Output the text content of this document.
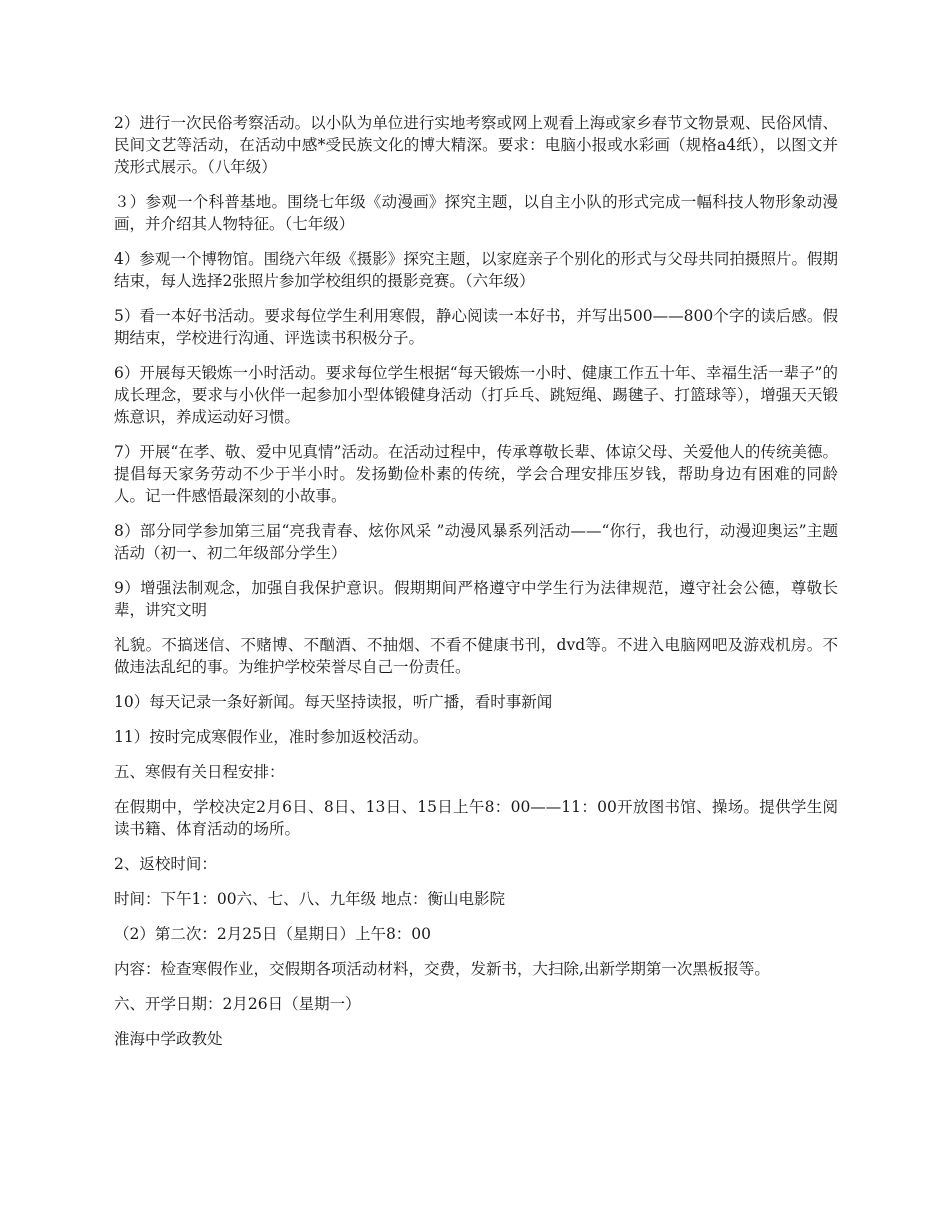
2）进行一次民俗考察活动。以小队为单位进行实地考察或网上观看上海或家乡春节文物景观、民俗风情、民间文艺等活动，在活动中感*受民族文化的博大精深。要求：电脑小报或水彩画（规格a4纸），以图文并茂形式展示。（八年级）

３）参观一个科普基地。围绕七年级《动漫画》探究主题，以自主小队的形式完成一幅科技人物形象动漫画，并介绍其人物特征。（七年级）

4）参观一个博物馆。围绕六年级《摄影》探究主题，以家庭亲子个别化的形式与父母共同拍摄照片。假期结束，每人选择2张照片参加学校组织的摄影竞赛。（六年级）

5）看一本好书活动。要求每位学生利用寒假，静心阅读一本好书，并写出500——800个字的读后感。假期结束，学校进行沟通、评选读书积极分子。

6）开展每天锻炼一小时活动。要求每位学生根据“每天锻炼一小时、健康工作五十年、幸福生活一辈子”的成长理念，要求与小伙伴一起参加小型体锻健身活动（打乒乓、跳短绳、踢毽子、打篮球等），增强天天锻炼意识，养成运动好习惯。

7）开展“在孝、敬、爱中见真情”活动。在活动过程中，传承尊敬长辈、体谅父母、关爱他人的传统美德。提倡每天家务劳动不少于半小时。发扬勤俭朴素的传统，学会合理安排压岁钱，帮助身边有困难的同龄人。记一件感悟最深刻的小故事。

8）部分同学参加第三届“亮我青春、炫你风采 ”动漫风暴系列活动——“你行，我也行，动漫迎奥运”主题活动（初一、初二年级部分学生）

9）增强法制观念，加强自我保护意识。假期期间严格遵守中学生行为法律规范，遵守社会公德，尊敬长辈，讲究文明

礼貌。不搞迷信、不赌博、不酗酒、不抽烟、不看不健康书刊，dvd等。不进入电脑网吧及游戏机房。不做违法乱纪的事。为维护学校荣誉尽自己一份责任。

10）每天记录一条好新闻。每天坚持读报，听广播，看时事新闻

11）按时完成寒假作业，准时参加返校活动。

五、寒假有关日程安排：

在假期中，学校决定2月6日、8日、13日、15日上午8：00——11：00开放图书馆、操场。提供学生阅读书籍、体育活动的场所。

2、返校时间：

时间：下午1：00六、七、八、九年级 地点：衡山电影院

（2）第二次：2月25日（星期日）上午8：00

内容：检查寒假作业，交假期各项活动材料，交费，发新书，大扫除,出新学期第一次黑板报等。

六、开学日期：2月26日（星期一）

淮海中学政教处
